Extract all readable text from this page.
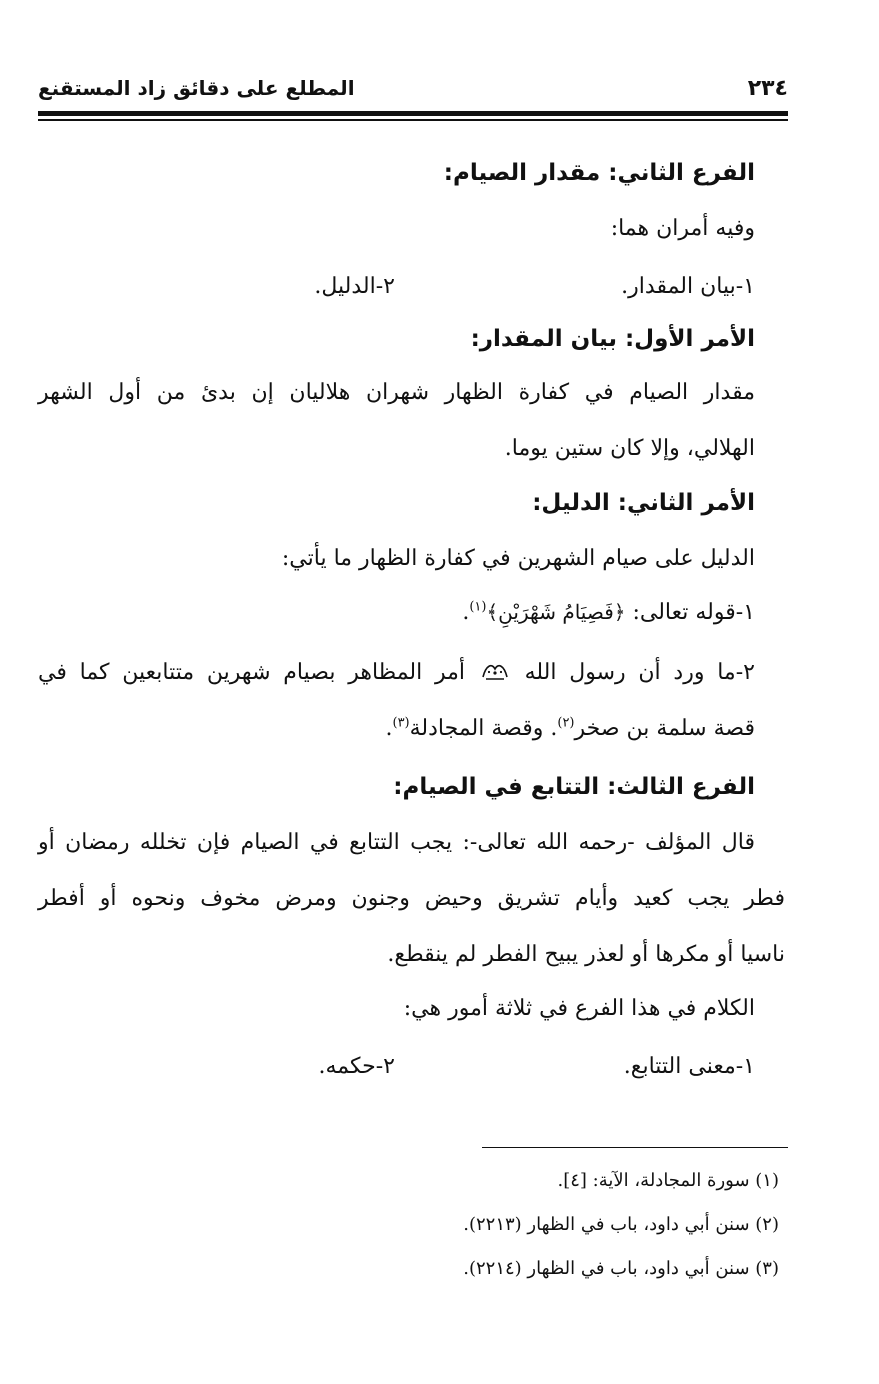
٢٣٤
المطلع على دقائق زاد المستقنع
الفرع الثاني: مقدار الصيام:
وفيه أمران هما:
١-بيان المقدار.
٢-الدليل.
الأمر الأول: بيان المقدار:
مقدار الصيام في كفارة الظهار شهران هلاليان إن بدئ من أول الشهر
الهلالي، وإلا كان ستين يوما.
الأمر الثاني: الدليل:
الدليل على صيام الشهرين في كفارة الظهار ما يأتي:
١-قوله تعالى: ﴿فَصِيَامُ شَهْرَيْنِ﴾$^{(١)}$.
٢-ما ورد أن رسول الله  أمر المظاهر بصيام شهرين متتابعين كما في
قصة سلمة بن صخر$^{(٢)}$. وقصة المجادلة$^{(٣)}$.
الفرع الثالث: التتابع في الصيام:
قال المؤلف -رحمه الله تعالى-: يجب التتابع في الصيام فإن تخلله رمضان أو
فطر يجب كعيد وأيام تشريق وحيض وجنون ومرض مخوف ونحوه أو أفطر
ناسيا أو مكرها أو لعذر يبيح الفطر لم ينقطع.
الكلام في هذا الفرع في ثلاثة أمور هي:
١-معنى التتابع.
٢-حكمه.
(١) سورة المجادلة، الآية: [٤].
(٢) سنن أبي داود، باب في الظهار (٢٢١٣).
(٣) سنن أبي داود، باب في الظهار (٢٢١٤).
